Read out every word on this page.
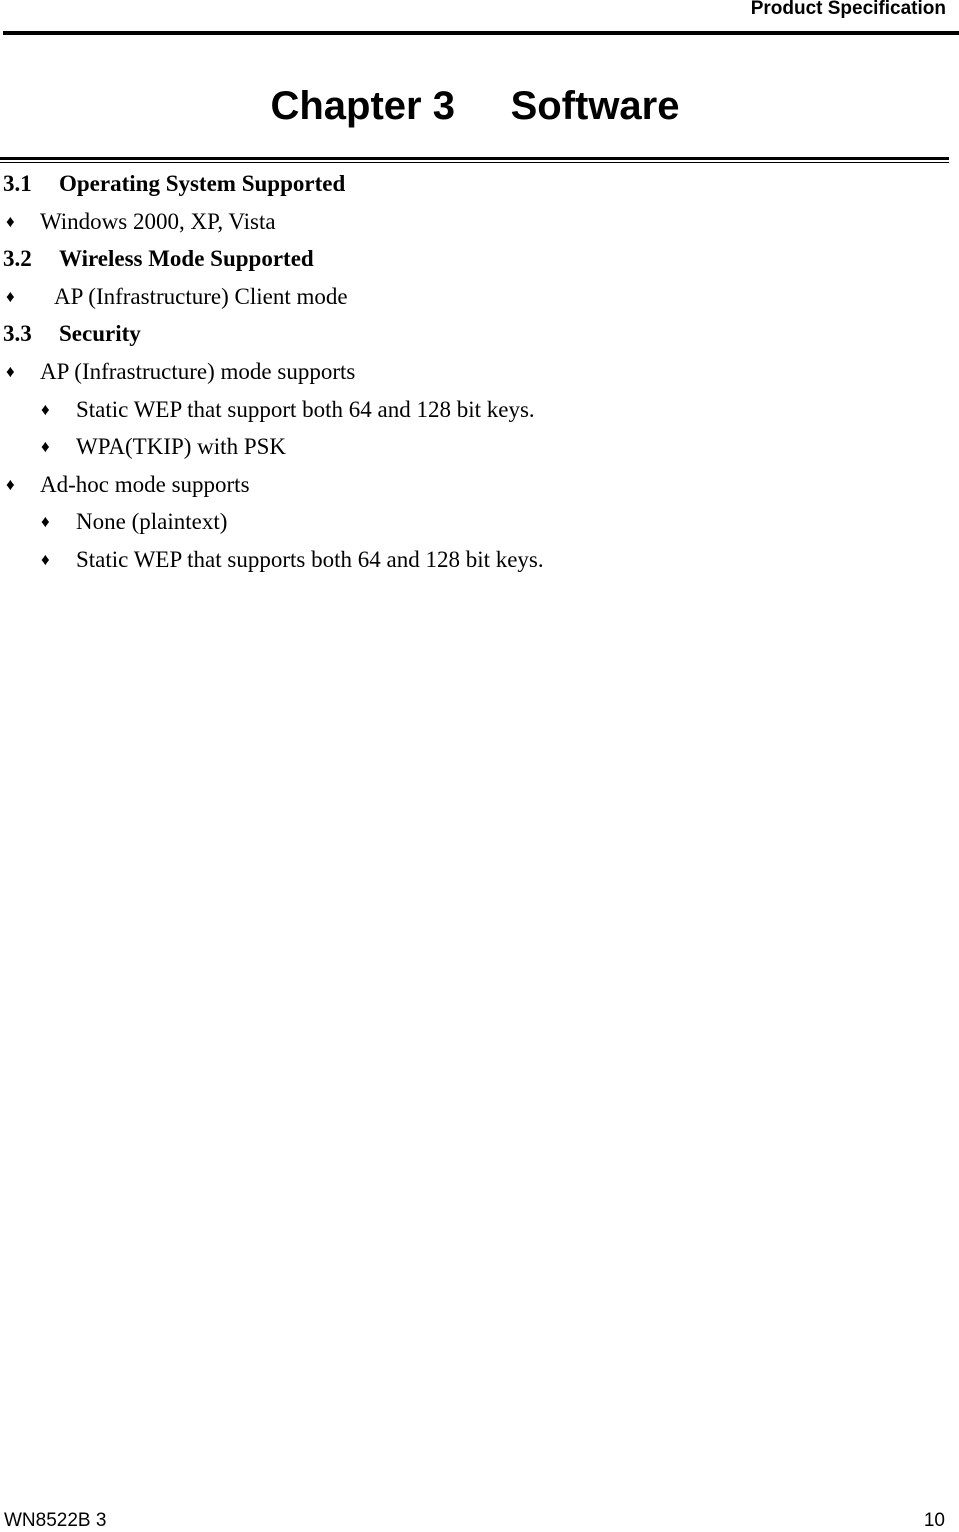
Product Specification
Chapter 3 Software
3.1 Operating System Supported
♦ Windows 2000, XP, Vista
3.2 Wireless Mode Supported
♦ AP (Infrastructure) Client mode
3.3 Security
♦ AP (Infrastructure) mode supports
♦ Static WEP that support both 64 and 128 bit keys.
♦ WPA(TKIP) with PSK
♦ Ad-hoc mode supports
♦ None (plaintext)
♦ Static WEP that supports both 64 and 128 bit keys.
WN8522B 3	10
